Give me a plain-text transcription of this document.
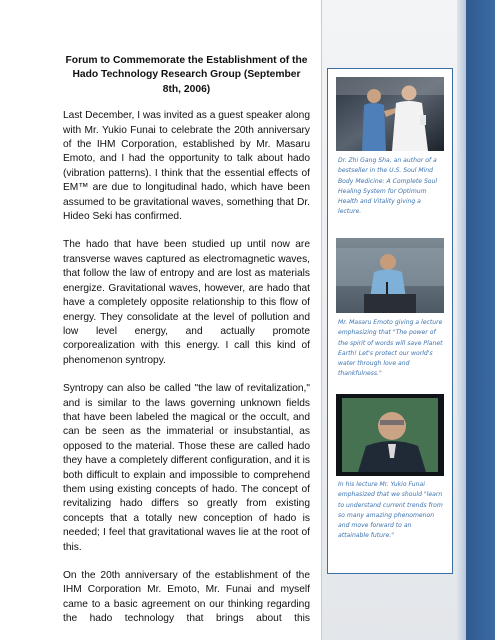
Forum to Commemorate the Establishment of the Hado Technology Research Group (September 8th, 2006)

Last December, I was invited as a guest speaker along with Mr. Yukio Funai to celebrate the 20th anniversary of the IHM Corporation, established by Mr. Masaru Emoto, and I had the opportunity to talk about hado (vibration patterns). I think that the essential effects of EM™ are due to longitudinal hado, which have been assumed to be gravitational waves, something that Dr. Hideo Seki has confirmed.

The hado that have been studied up until now are transverse waves captured as electromagnetic waves, that follow the law of entropy and are lost as materials energize. Gravitational waves, however, are hado that have a completely opposite relationship to this flow of energy. They consolidate at the level of pollution and low level energy, and actually promote corporealization with this energy. I call this kind of phenomenon syntropy.

Syntropy can also be called "the law of revitalization," and is similar to the laws governing unknown fields that have been labeled the magical or the occult, and can be seen as the immaterial or insubstantial, as opposed to the material. Those these are called hado they have a completely different configuration, and it is both difficult to explain and impossible to comprehend them using existing concepts of hado. The concept of revitalizing hado differs so greatly from existing concepts that a totally new conception of hado is needed; I feel that gravitational waves lie at the root of this.

On the 20th anniversary of the establishment of the IHM Corporation Mr. Emoto, Mr. Funai and myself came to a basic agreement on our thinking regarding the hado technology that brings about this

Dr. Zhi Gang Sha, an author of a bestseller in the U.S. Soul Mind Body Medicine: A Complete Soul Healing System for Optimum Health and Vitality giving a lecture.
Mr. Masaru Emoto giving a lecture emphasizing that "The power of the spirit of words will save Planet Earth! Let's protect our world's water through love and thankfulness."
In his lecture Mr. Yukio Funai emphasized that we should "learn to understand current trends from so many amazing phenomenon and move forward to an attainable future."
